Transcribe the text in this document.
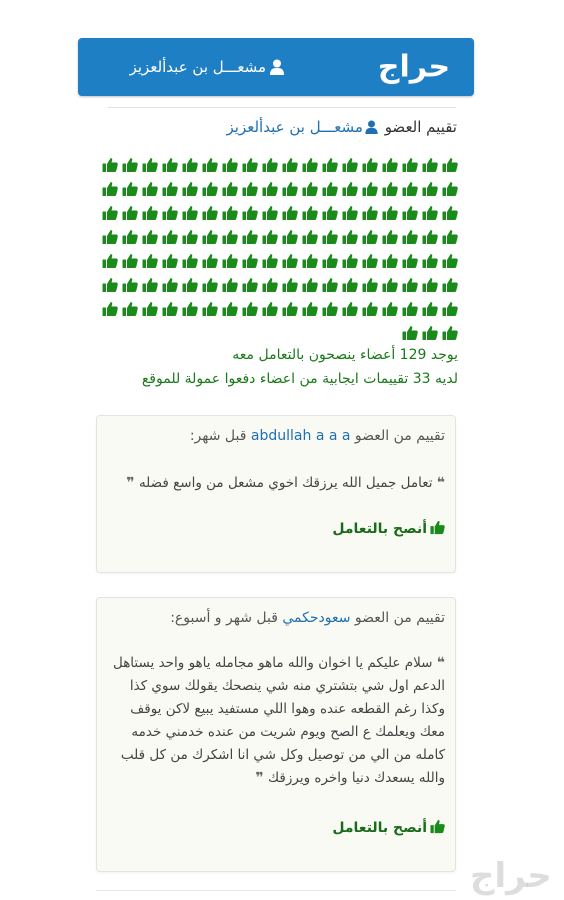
حراج
مشعـــل بن عبدألعزيز
تقييم العضو مشعـــل بن عبدألعزيز
يوجد 129 أعضاء ينصحون بالتعامل معه
لديه 33 تقييمات ايجابية من اعضاء دفعوا عمولة للموقع
تقييم من العضو abdullah a a a قبل شهر:
❝ تعامل جميل الله يرزقك اخوي مشعل من واسع فضله ❞
أنصح بالتعامل
تقييم من العضو سعودحكمي قبل شهر و أسبوع:
❝ سلام عليكم يا اخوان والله ماهو مجامله ياهو واحد يستاهل الدعم اول شي بتشتري منه شي ينصحك يقولك سوي كذا وكذا رغم القطعه عنده وهوا اللي مستفيد يبيع لاكن يوقف معك ويعلمك ع الصح ويوم شريت من عنده خدمني خدمه كامله من الي من توصيل وكل شي انا اشكرك من كل قلب والله يسعدك دنيا واخره ويرزقك ❞
أنصح بالتعامل
حراج
